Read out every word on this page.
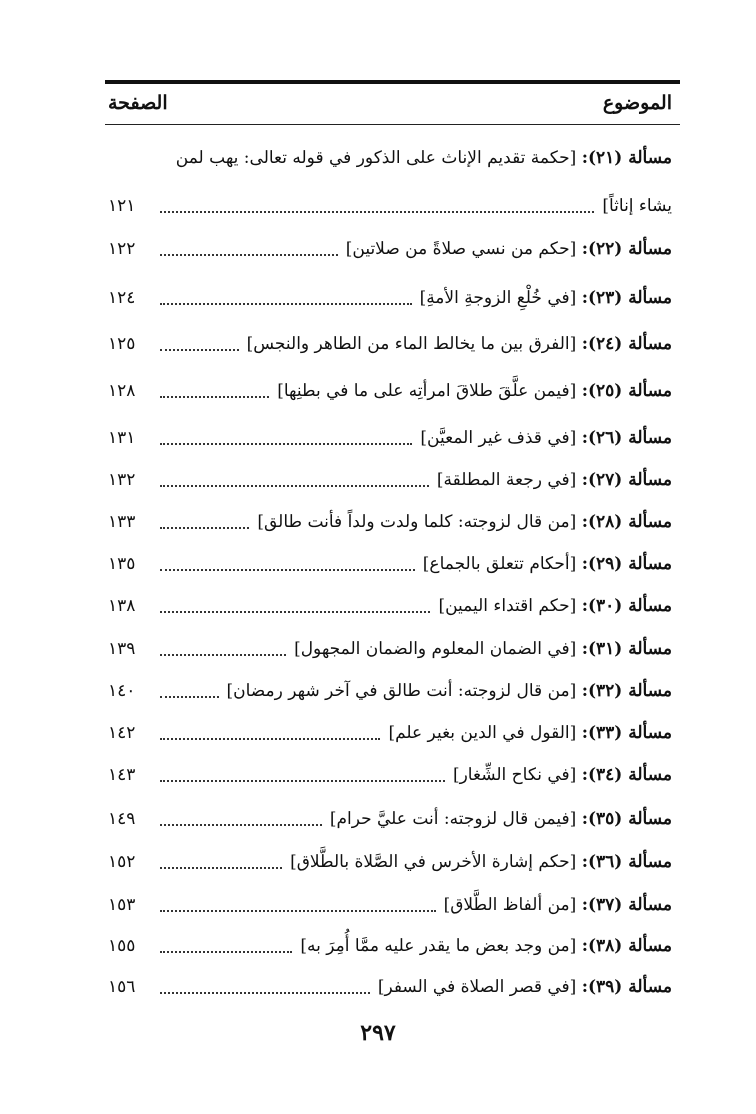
الموضوع
الصفحة
مسألة (٢١): [حكمة تقديم الإناث على الذكور في قوله تعالى: يهب لمن
يشاء إناثاً]
١٢١
مسألة (٢٢): [حكم من نسي صلاةً من صلاتين]
١٢٢
مسألة (٢٣): [في خُلْعِ الزوجةِ الأمةِ]
١٢٤
مسألة (٢٤): [الفرق بين ما يخالط الماء من الطاهر والنجس]
١٢٥
مسألة (٢٥): [فيمن علَّقَ طلاقَ امرأتِه على ما في بطنِها]
١٢٨
مسألة (٢٦): [في قذف غير المعيَّن]
١٣١
مسألة (٢٧): [في رجعة المطلقة]
١٣٢
مسألة (٢٨): [من قال لزوجته: كلما ولدت ولداً فأنت طالق]
١٣٣
مسألة (٢٩): [أحكام تتعلق بالجماع]
١٣٥
مسألة (٣٠): [حكم اقتداء اليمين]
١٣٨
مسألة (٣١): [في الضمان المعلوم والضمان المجهول]
١٣٩
مسألة (٣٢): [من قال لزوجته: أنت طالق في آخر شهر رمضان]
١٤٠
مسألة (٣٣): [القول في الدين بغير علم]
١٤٢
مسألة (٣٤): [في نكاح الشِّغار]
١٤٣
مسألة (٣٥): [فيمن قال لزوجته: أنت عليَّ حرام]
١٤٩
مسألة (٣٦): [حكم إشارة الأخرس في الصَّلاة بالطَّلاق]
١٥٢
مسألة (٣٧): [من ألفاظ الطَّلاق]
١٥٣
مسألة (٣٨): [من وجد بعض ما يقدر عليه ممَّا أُمِرَ به]
١٥٥
مسألة (٣٩): [في قصر الصلاة في السفر]
١٥٦
٢٩٧
